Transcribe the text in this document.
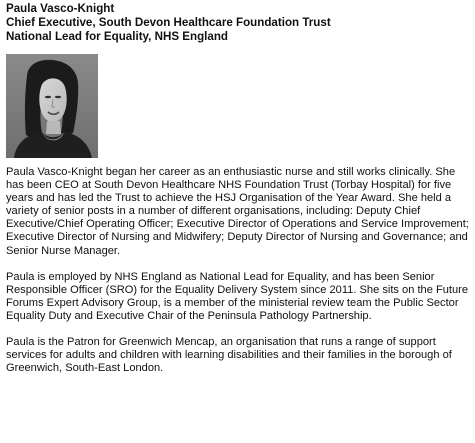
Paula Vasco-Knight
Chief Executive, South Devon Healthcare Foundation Trust
National Lead for Equality, NHS England

Paula Vasco-Knight began her career as an enthusiastic nurse and still works clinically. She has been CEO at South Devon Healthcare NHS Foundation Trust (Torbay Hospital) for five years and has led the Trust to achieve the HSJ Organisation of the Year Award. She held a variety of senior posts in a number of different organisations, including: Deputy Chief Executive/Chief Operating Officer; Executive Director of Operations and Service Improvement; Executive Director of Nursing and Midwifery; Deputy Director of Nursing and Governance; and Senior Nurse Manager.

Paula is employed by NHS England as National Lead for Equality, and has been Senior Responsible Officer (SRO) for the Equality Delivery System since 2011. She sits on the Future Forums Expert Advisory Group, is a member of the ministerial review team the Public Sector Equality Duty and Executive Chair of the Peninsula Pathology Partnership.

Paula is the Patron for Greenwich Mencap, an organisation that runs a range of support services for adults and children with learning disabilities and their families in the borough of Greenwich, South-East London.
